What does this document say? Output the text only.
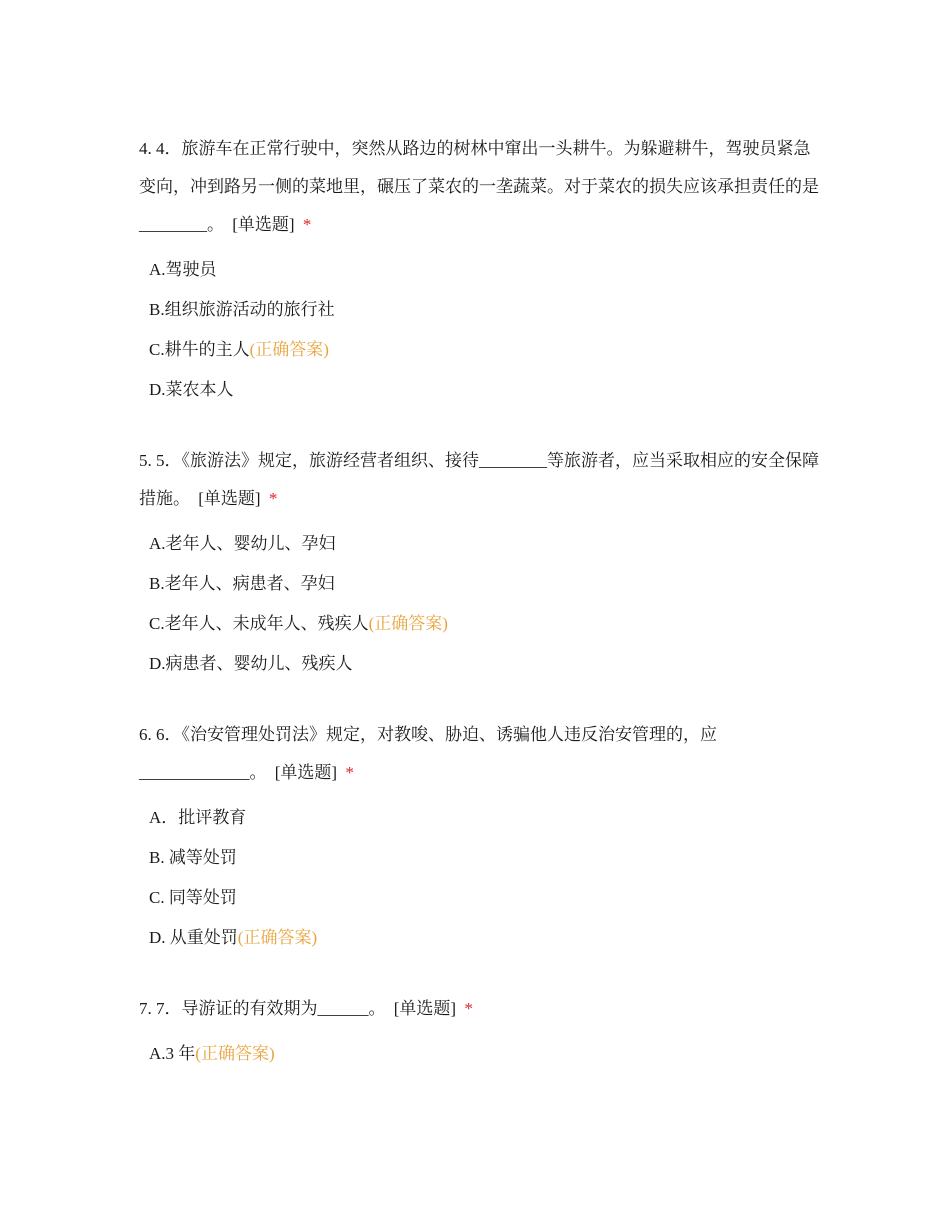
4. 4．旅游车在正常行驶中，突然从路边的树林中窜出一头耕牛。为躲避耕牛，驾驶员紧急变向，冲到路另一侧的菜地里，碾压了菜农的一垄蔬菜。对于菜农的损失应该承担责任的是________。 [单选题] *
A.驾驶员
B.组织旅游活动的旅行社
C.耕牛的主人(正确答案)
D.菜农本人
5. 5．《旅游法》规定，旅游经营者组织、接待________等旅游者，应当采取相应的安全保障措施。 [单选题] *
A.老年人、婴幼儿、孕妇
B.老年人、病患者、孕妇
C.老年人、未成年人、残疾人(正确答案)
D.病患者、婴幼儿、残疾人
6. 6．《治安管理处罚法》规定，对教唆、胁迫、诱骗他人违反治安管理的，应_____________。 [单选题] *
A．批评教育
B. 减等处罚
C. 同等处罚
D. 从重处罚(正确答案)
7. 7．导游证的有效期为______。 [单选题] *
A.3 年(正确答案)
